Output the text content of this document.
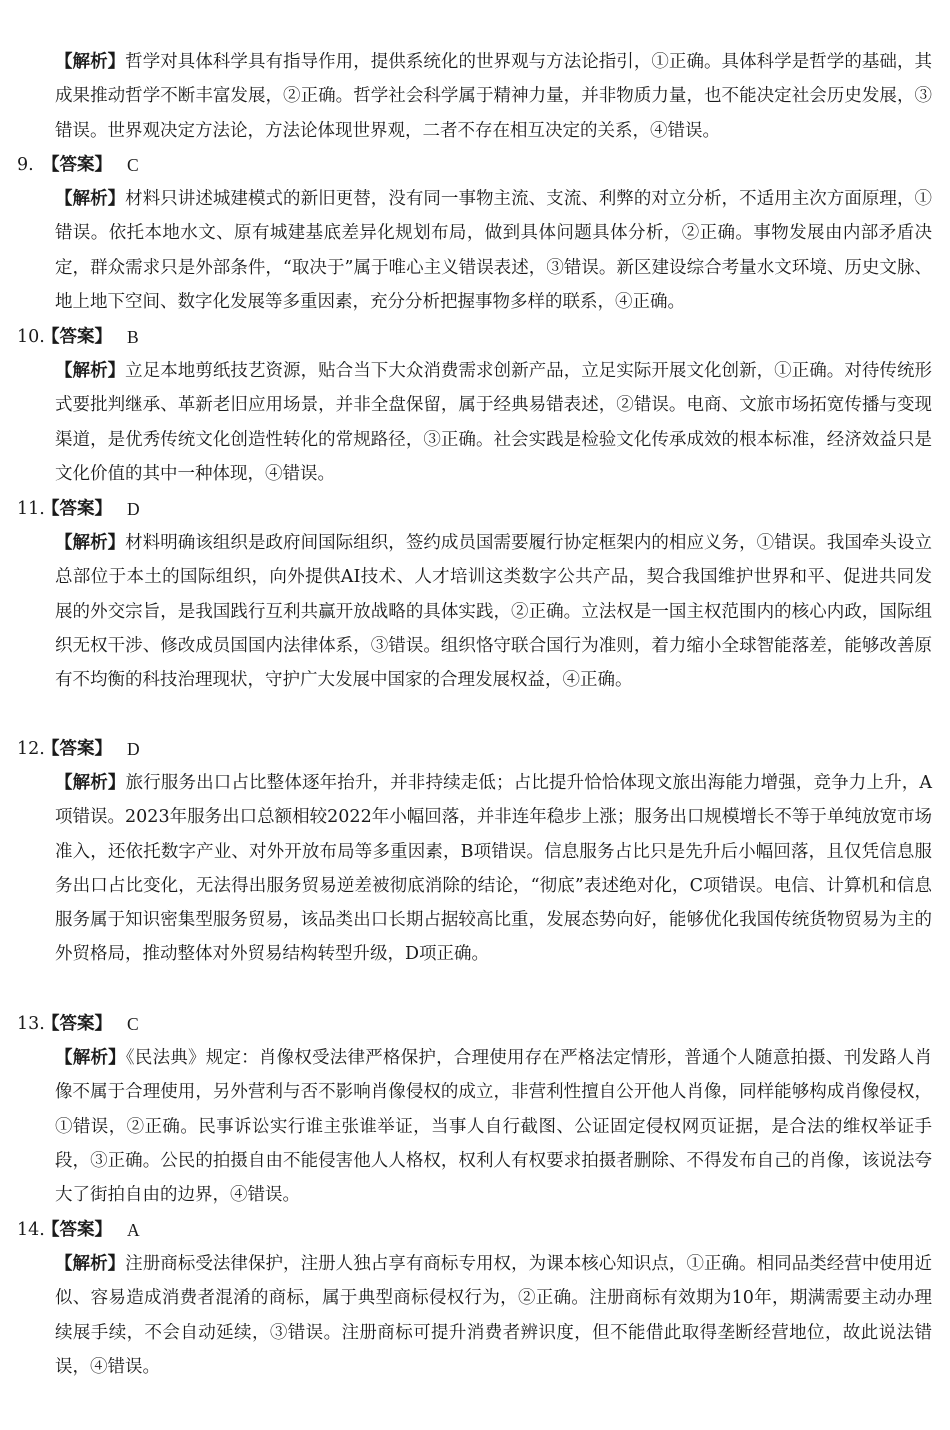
【解析】哲学对具体科学具有指导作用，提供系统化的世界观与方法论指引，①正确。具体科学是哲学的基础，其成果推动哲学不断丰富发展，②正确。哲学社会科学属于精神力量，并非物质力量，也不能决定社会历史发展，③错误。世界观决定方法论，方法论体现世界观，二者不存在相互决定的关系，④错误。

9. 【答案】 C

【解析】材料只讲述城建模式的新旧更替，没有同一事物主流、支流、利弊的对立分析，不适用主次方面原理，①错误。依托本地水文、原有城建基底差异化规划布局，做到具体问题具体分析，②正确。事物发展由内部矛盾决定，群众需求只是外部条件，“取决于”属于唯心主义错误表述，③错误。新区建设综合考量水文环境、历史文脉、地上地下空间、数字化发展等多重因素，充分分析把握事物多样的联系，④正确。

10.
【答案】 B

【解析】立足本地剪纸技艺资源，贴合当下大众消费需求创新产品，立足实际开展文化创新，①正确。对待传统形式要批判继承、革新老旧应用场景，并非全盘保留，属于经典易错表述，②错误。电商、文旅市场拓宽传播与变现渠道，是优秀传统文化创造性转化的常规路径，③正确。社会实践是检验文化传承成效的根本标准，经济效益只是文化价值的其中一种体现，④错误。

11.
【答案】 D

【解析】材料明确该组织是政府间国际组织，签约成员国需要履行协定框架内的相应义务，①错误。我国牵头设立总部位于本土的国际组织，向外提供AI技术、人才培训这类数字公共产品，契合我国维护世界和平、促进共同发展的外交宗旨，是我国践行互利共赢开放战略的具体实践，②正确。立法权是一国主权范围内的核心内政，国际组织无权干涉、修改成员国国内法律体系，③错误。组织恪守联合国行为准则，着力缩小全球智能落差，能够改善原有不均衡的科技治理现状，守护广大发展中国家的合理发展权益，④正确。

12.
【答案】 D

【解析】旅行服务出口占比整体逐年抬升，并非持续走低；占比提升恰恰体现文旅出海能力增强，竞争力上升，A项错误。2023年服务出口总额相较2022年小幅回落，并非连年稳步上涨；服务出口规模增长不等于单纯放宽市场准入，还依托数字产业、对外开放布局等多重因素，B项错误。信息服务占比只是先升后小幅回落，且仅凭信息服务出口占比变化，无法得出服务贸易逆差被彻底消除的结论，“彻底”表述绝对化，C项错误。电信、计算机和信息服务属于知识密集型服务贸易，该品类出口长期占据较高比重，发展态势向好，能够优化我国传统货物贸易为主的外贸格局，推动整体对外贸易结构转型升级，D项正确。

13.
【答案】 C

【解析】《民法典》规定：肖像权受法律严格保护，合理使用存在严格法定情形，普通个人随意拍摄、刊发路人肖像不属于合理使用，另外营利与否不影响肖像侵权的成立，非营利性擅自公开他人肖像，同样能够构成肖像侵权，①错误，②正确。民事诉讼实行谁主张谁举证，当事人自行截图、公证固定侵权网页证据，是合法的维权举证手段，③正确。公民的拍摄自由不能侵害他人人格权，权利人有权要求拍摄者删除、不得发布自己的肖像，该说法夸大了街拍自由的边界，④错误。

14.
【答案】 A

【解析】注册商标受法律保护，注册人独占享有商标专用权，为课本核心知识点，①正确。相同品类经营中使用近似、容易造成消费者混淆的商标，属于典型商标侵权行为，②正确。注册商标有效期为10年，期满需要主动办理续展手续，不会自动延续，③错误。注册商标可提升消费者辨识度，但不能借此取得垄断经营地位，故此说法错误，④错误。
